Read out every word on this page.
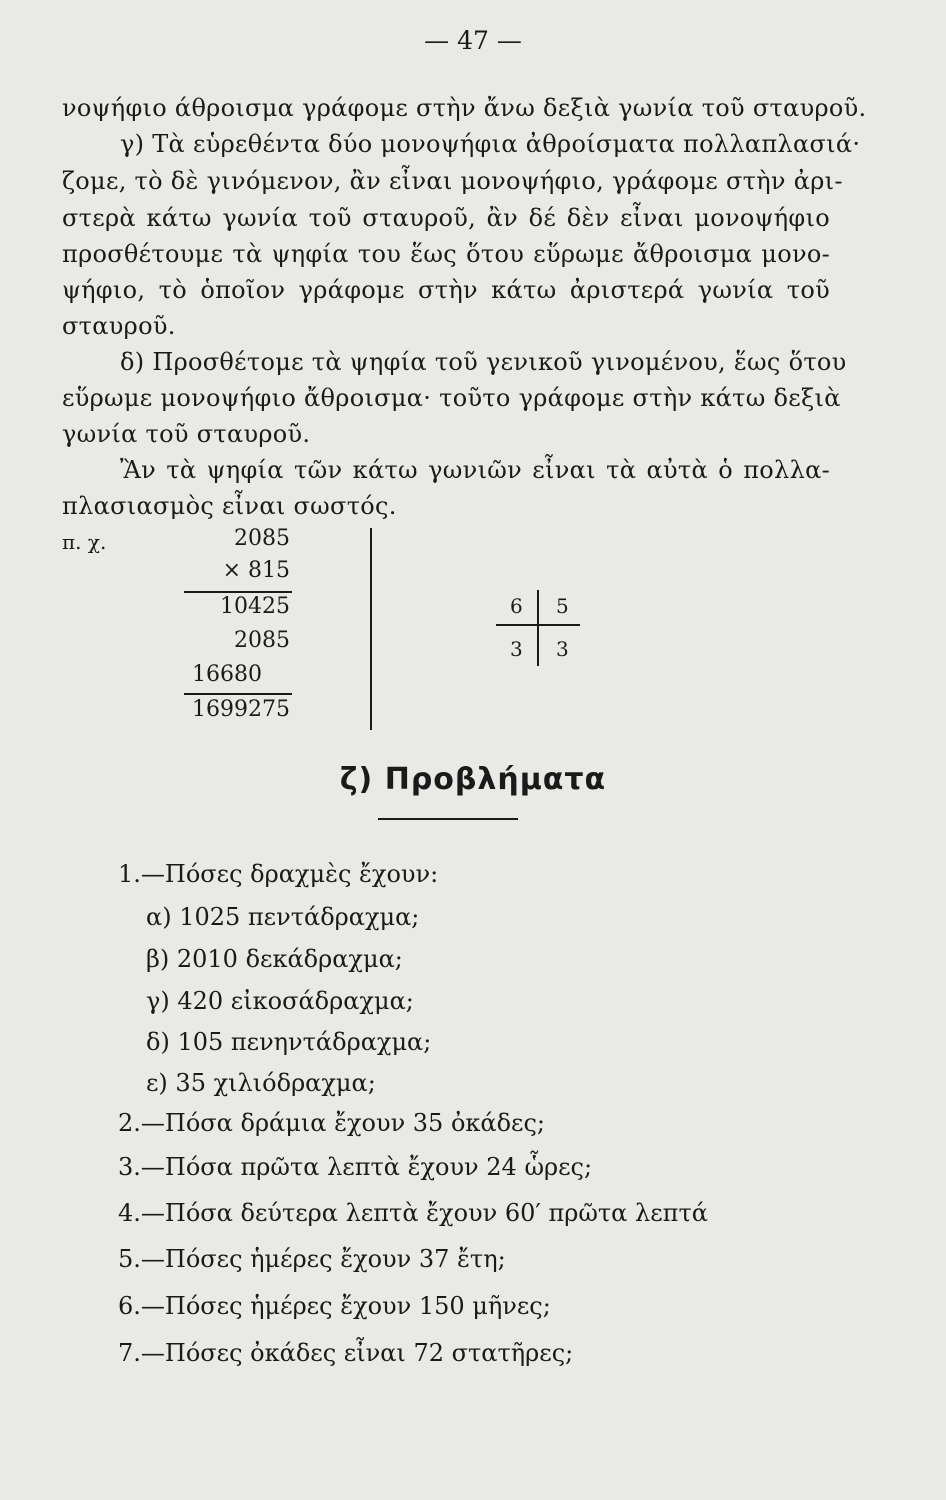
— 47 —
νοψήφιο άθροισμα γράφομε στὴν ἄνω δεξιὰ γωνία τοῦ σταυροῦ.
γ) Τὰ εὑρεθέντα δύο μονοψήφια ἀθροίσματα πολλαπλασιά·
ζομε, τὸ δὲ γινόμενον, ἂν εἶναι μονοψήφιο, γράφομε στὴν ἀρι-
στερὰ κάτω γωνία τοῦ σταυροῦ, ἂν δέ δὲν εἶναι μονοψήφιο
προσθέτουμε τὰ ψηφία του ἕως ὅτου εὕρωμε ἄθροισμα μονο-
ψήφιο, τὸ ὁποῖον γράφομε στὴν κάτω ἀριστερά γωνία τοῦ
σταυροῦ.
δ) Προσθέτομε τὰ ψηφία τοῦ γενικοῦ γινομένου, ἕως ὅτου
εὕρωμε μονοψήφιο ἄθροισμα· τοῦτο γράφομε στὴν κάτω δεξιὰ
γωνία τοῦ σταυροῦ.
Ἂν τὰ ψηφία τῶν κάτω γωνιῶν εἶναι τὰ αὐτὰ ὁ πολλα-
πλασιασμὸς εἶναι σωστός.
π. χ.	2085
× 815
10425
2085
16680
1699275
6 5
3 3
ζ) Προβλήματα
1.—Πόσες δραχμὲς ἔχουν:
α) 1025 πεντάδραχμα;
β) 2010 δεκάδραχμα;
γ) 420 εἰκοσάδραχμα;
δ) 105 πενηντάδραχμα;
ε) 35 χιλιόδραχμα;
2.—Πόσα δράμια ἔχουν 35 ὀκάδες;
3.—Πόσα πρῶτα λεπτὰ ἔχουν 24 ὧρες;
4.—Πόσα δεύτερα λεπτὰ ἔχουν 60′ πρῶτα λεπτά
5.—Πόσες ἡμέρες ἔχουν 37 ἔτη;
6.—Πόσες ἡμέρες ἔχουν 150 μῆνες;
7.—Πόσες ὀκάδες εἶναι 72 στατῆρες;
